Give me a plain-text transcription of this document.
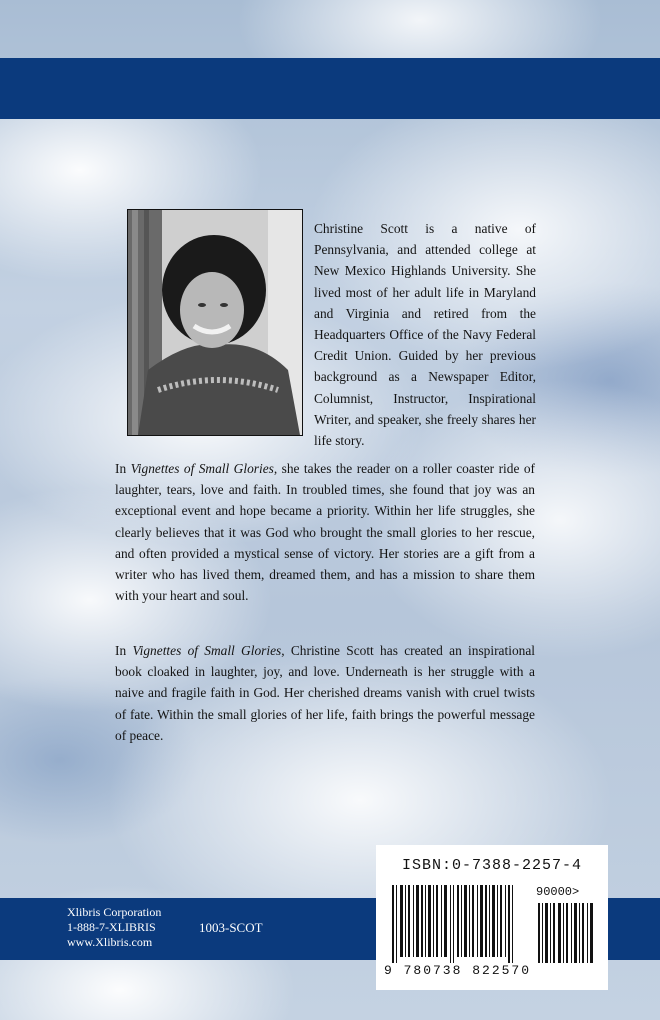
Christine Scott is a native of Pennsylvania, and attended college at New Mexico Highlands University. She lived most of her adult life in Maryland and Virginia and retired from the Headquarters Office of the Navy Federal Credit Union. Guided by her previous background as a Newspaper Editor, Columnist, Instructor, Inspirational Writer, and speaker, she freely shares her life story.

In Vignettes of Small Glories, she takes the reader on a roller coaster ride of laughter, tears, love and faith. In troubled times, she found that joy was an exceptional event and hope became a priority. Within her life struggles, she clearly believes that it was God who brought the small glories to her rescue, and often provided a mystical sense of victory. Her stories are a gift from a writer who has lived them, dreamed them, and has a mission to share them with your heart and soul.

In Vignettes of Small Glories, Christine Scott has created an inspirational book cloaked in laughter, joy, and love. Underneath is her struggle with a naive and fragile faith in God. Her cherished dreams vanish with cruel twists of fate. Within the small glories of her life, faith brings the powerful message of peace.

Xlibris Corporation
1-888-7-XLIBRIS
www.Xlibris.com
1003-SCOT
ISBN:0-7388-2257-4
90000>
9 780738 822570
